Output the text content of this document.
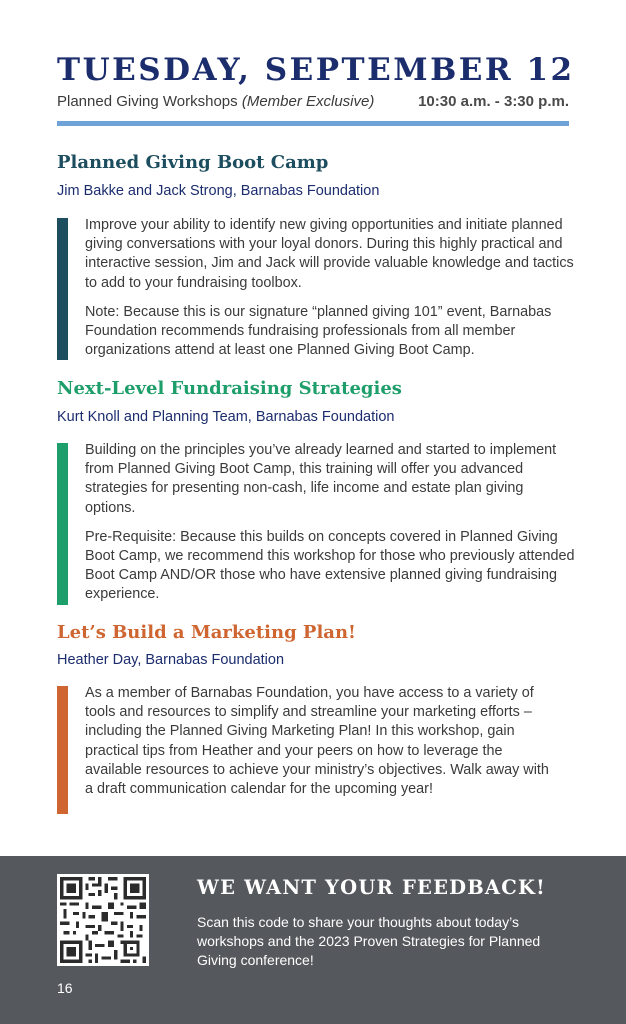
TUESDAY, SEPTEMBER 12
Planned Giving Workshops (Member Exclusive)	10:30 a.m. - 3:30 p.m.
Planned Giving Boot Camp
Jim Bakke and Jack Strong, Barnabas Foundation

Improve your ability to identify new giving opportunities and initiate planned giving conversations with your loyal donors. During this highly practical and interactive session, Jim and Jack will provide valuable knowledge and tactics to add to your fundraising toolbox.

Note: Because this is our signature “planned giving 101” event, Barnabas Foundation recommends fundraising professionals from all member organizations attend at least one Planned Giving Boot Camp.

Next-Level Fundraising Strategies
Kurt Knoll and Planning Team, Barnabas Foundation

Building on the principles you’ve already learned and started to implement from Planned Giving Boot Camp, this training will offer you advanced strategies for presenting non-cash, life income and estate plan giving options.

Pre-Requisite: Because this builds on concepts covered in Planned Giving Boot Camp, we recommend this workshop for those who previously attended Boot Camp AND/OR those who have extensive planned giving fundraising experience.

Let’s Build a Marketing Plan!
Heather Day, Barnabas Foundation

As a member of Barnabas Foundation, you have access to a variety of tools and resources to simplify and streamline your marketing efforts – including the Planned Giving Marketing Plan! In this workshop, gain practical tips from Heather and your peers on how to leverage the available resources to achieve your ministry’s objectives. Walk away with a draft communication calendar for the upcoming year!

WE WANT YOUR FEEDBACK!
Scan this code to share your thoughts about today’s workshops and the 2023 Proven Strategies for Planned Giving conference!
16
